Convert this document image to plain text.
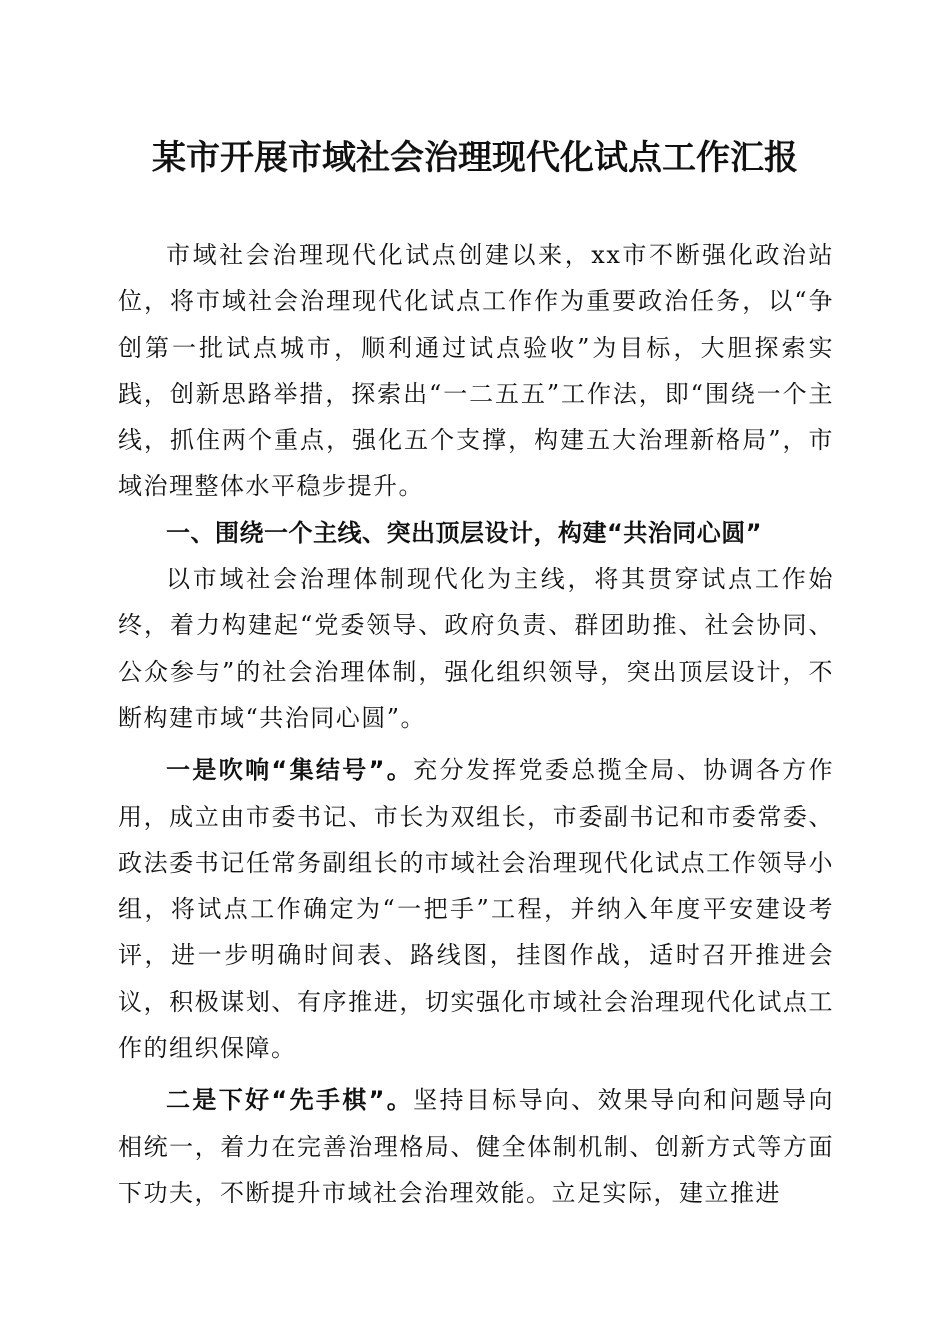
某市开展市域社会治理现代化试点工作汇报

市域社会治理现代化试点创建以来，xx市不断强化政治站位，将市域社会治理现代化试点工作作为重要政治任务，以“争创第一批试点城市，顺利通过试点验收”为目标，大胆探索实践，创新思路举措，探索出“一二五五”工作法，即“围绕一个主线，抓住两个重点，强化五个支撑，构建五大治理新格局”，市域治理整体水平稳步提升。

一、围绕一个主线、突出顶层设计，构建“共治同心圆”

以市域社会治理体制现代化为主线，将其贯穿试点工作始终，着力构建起“党委领导、政府负责、群团助推、社会协同、公众参与”的社会治理体制，强化组织领导，突出顶层设计，不断构建市域“共治同心圆”。

一是吹响“集结号”。充分发挥党委总揽全局、协调各方作用，成立由市委书记、市长为双组长，市委副书记和市委常委、政法委书记任常务副组长的市域社会治理现代化试点工作领导小组，将试点工作确定为“一把手”工程，并纳入年度平安建设考评，进一步明确时间表、路线图，挂图作战，适时召开推进会议，积极谋划、有序推进，切实强化市域社会治理现代化试点工作的组织保障。

二是下好“先手棋”。坚持目标导向、效果导向和问题导向相统一，着力在完善治理格局、健全体制机制、创新方式等方面下功夫，不断提升市域社会治理效能。立足实际，建立推进
